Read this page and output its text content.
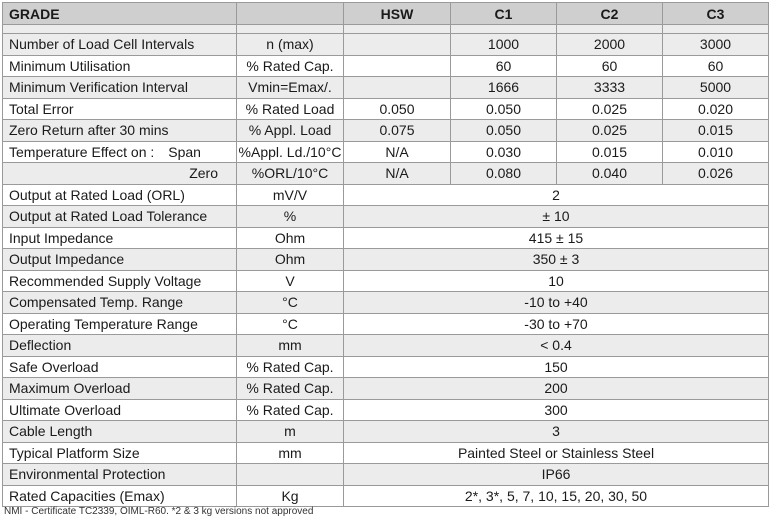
GRADE		HSW	C1	C2	C3

Number of Load Cell Intervals	n (max)		1000	2000	3000
Minimum Utilisation	% Rated Cap.		60	60	60
Minimum Verification Interval	Vmin=Emax/.		1666	3333	5000
Total Error	% Rated Load	0.050	0.050	0.025	0.020
Zero Return after 30 mins	% Appl. Load	0.075	0.050	0.025	0.015
Temperature Effect on : Span	%Appl. Ld./10°C	N/A	0.030	0.015	0.010
Zero	%ORL/10°C	N/A	0.080	0.040	0.026
Output at Rated Load (ORL)	mV/V	2			
Output at Rated Load Tolerance	%	± 10			
Input Impedance	Ohm	415 ± 15			
Output Impedance	Ohm	350 ± 3			
Recommended Supply Voltage	V	10			
Compensated Temp. Range	°C	-10 to +40			
Operating Temperature Range	°C	-30 to +70			
Deflection	mm	< 0.4			
Safe Overload	% Rated Cap.	150			
Maximum Overload	% Rated Cap.	200			
Ultimate Overload	% Rated Cap.	300			
Cable Length	m	3			
Typical Platform Size	mm	Painted Steel or Stainless Steel			
Environmental Protection		IP66			
Rated Capacities (Emax)	Kg	2*, 3*, 5, 7, 10, 15, 20, 30, 50			
NMI - Certificate TC2339, OIML-R60. *2 & 3 kg versions not approved
